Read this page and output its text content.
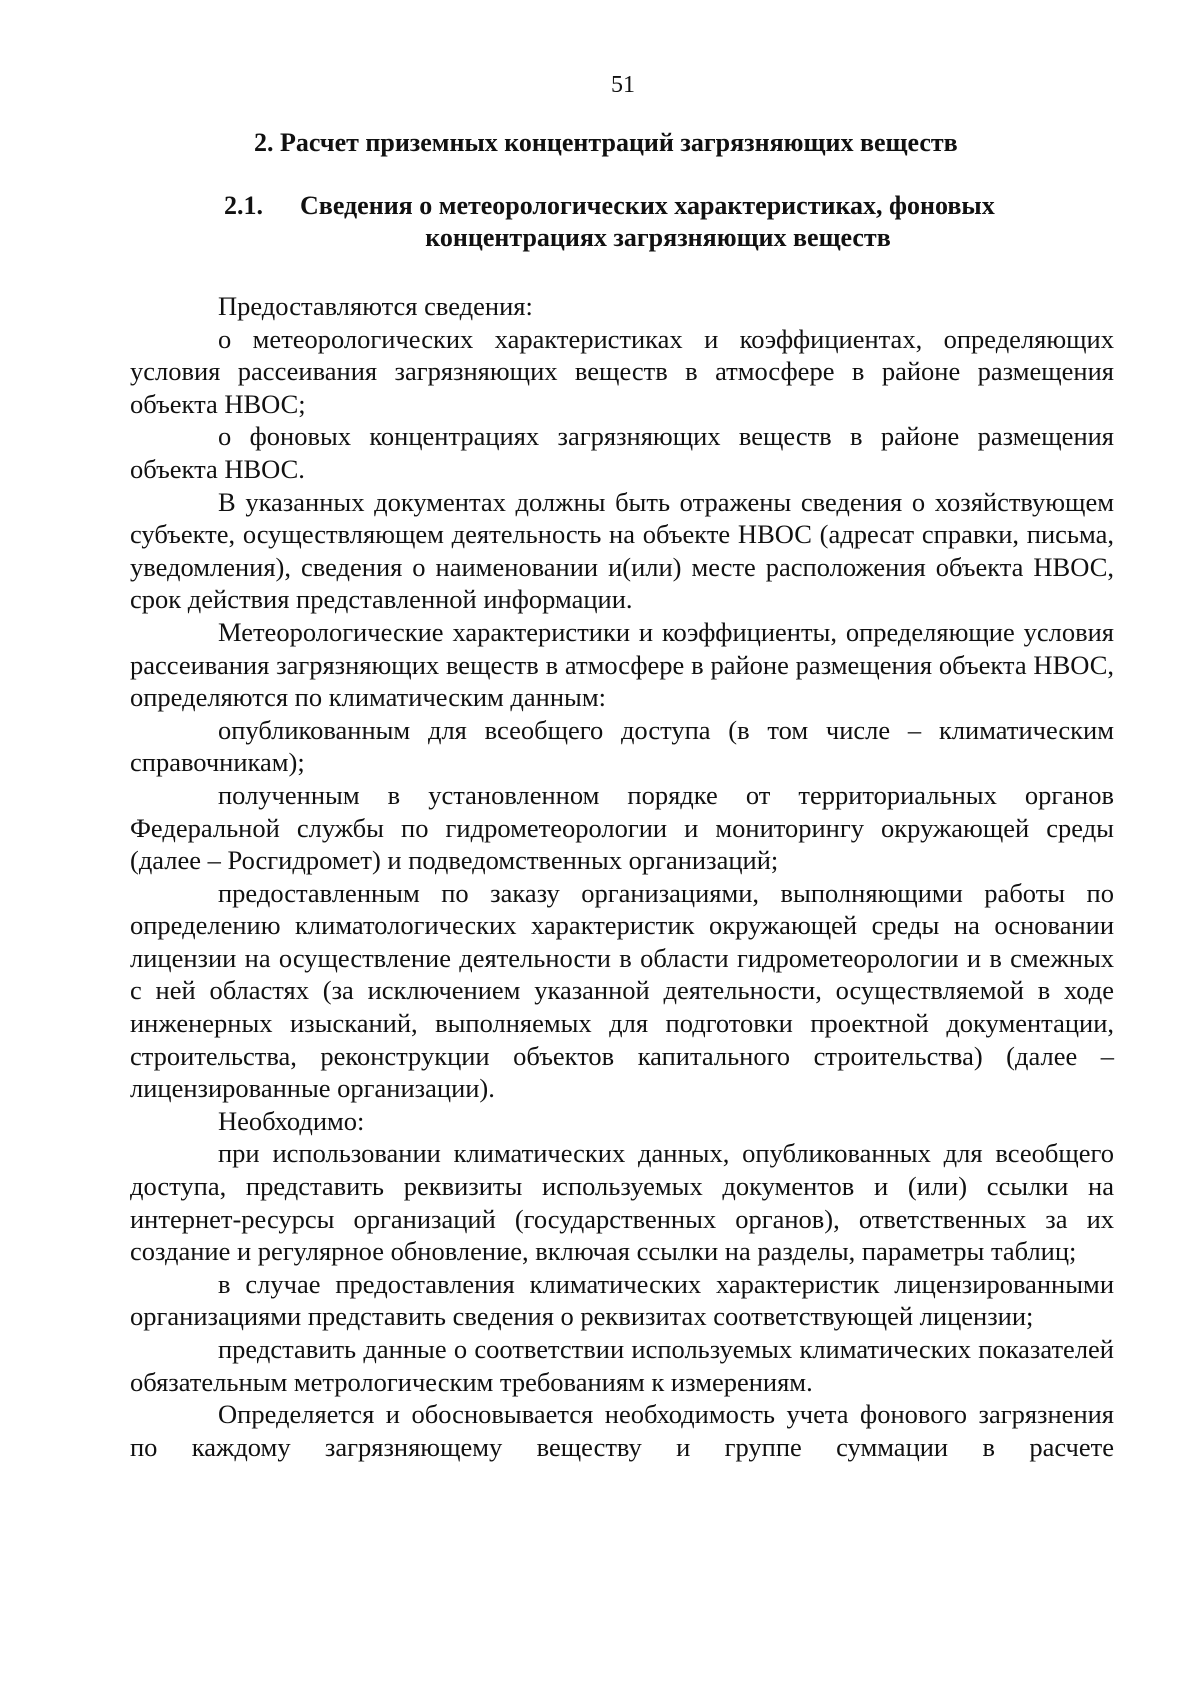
51
2. Расчет приземных концентраций загрязняющих веществ
2.1. Сведения о метеорологических характеристиках, фоновых
концентрациях загрязняющих веществ

Предоставляются сведения:

о метеорологических характеристиках и коэффициентах, определяющих условия рассеивания загрязняющих веществ в атмосфере в районе размещения объекта НВОС;

о фоновых концентрациях загрязняющих веществ в районе размещения объекта НВОС.

В указанных документах должны быть отражены сведения о хозяйствующем субъекте, осуществляющем деятельность на объекте НВОС (адресат справки, письма, уведомления), сведения о наименовании и(или) месте расположения объекта НВОС, срок действия представленной информации.

Метеорологические характеристики и коэффициенты, определяющие условия рассеивания загрязняющих веществ в атмосфере в районе размещения объекта НВОС, определяются по климатическим данным:

опубликованным для всеобщего доступа (в том числе – климатическим справочникам);

полученным в установленном порядке от территориальных органов Федеральной службы по гидрометеорологии и мониторингу окружающей среды (далее – Росгидромет) и подведомственных организаций;

предоставленным по заказу организациями, выполняющими работы по определению климатологических характеристик окружающей среды на основании лицензии на осуществление деятельности в области гидрометеорологии и в смежных с ней областях (за исключением указанной деятельности, осуществляемой в ходе инженерных изысканий, выполняемых для подготовки проектной документации, строительства, реконструкции объектов капитального строительства) (далее – лицензированные организации).

Необходимо:

при использовании климатических данных, опубликованных для всеобщего доступа, представить реквизиты используемых документов и (или) ссылки на интернет-ресурсы организаций (государственных органов), ответственных за их создание и регулярное обновление, включая ссылки на разделы, параметры таблиц;

в случае предоставления климатических характеристик лицензированными организациями представить сведения о реквизитах соответствующей лицензии;

представить данные о соответствии используемых климатических показателей обязательным метрологическим требованиям к измерениям.

Определяется и обосновывается необходимость учета фонового загрязнения по каждому загрязняющему веществу и группе суммации в расчете
